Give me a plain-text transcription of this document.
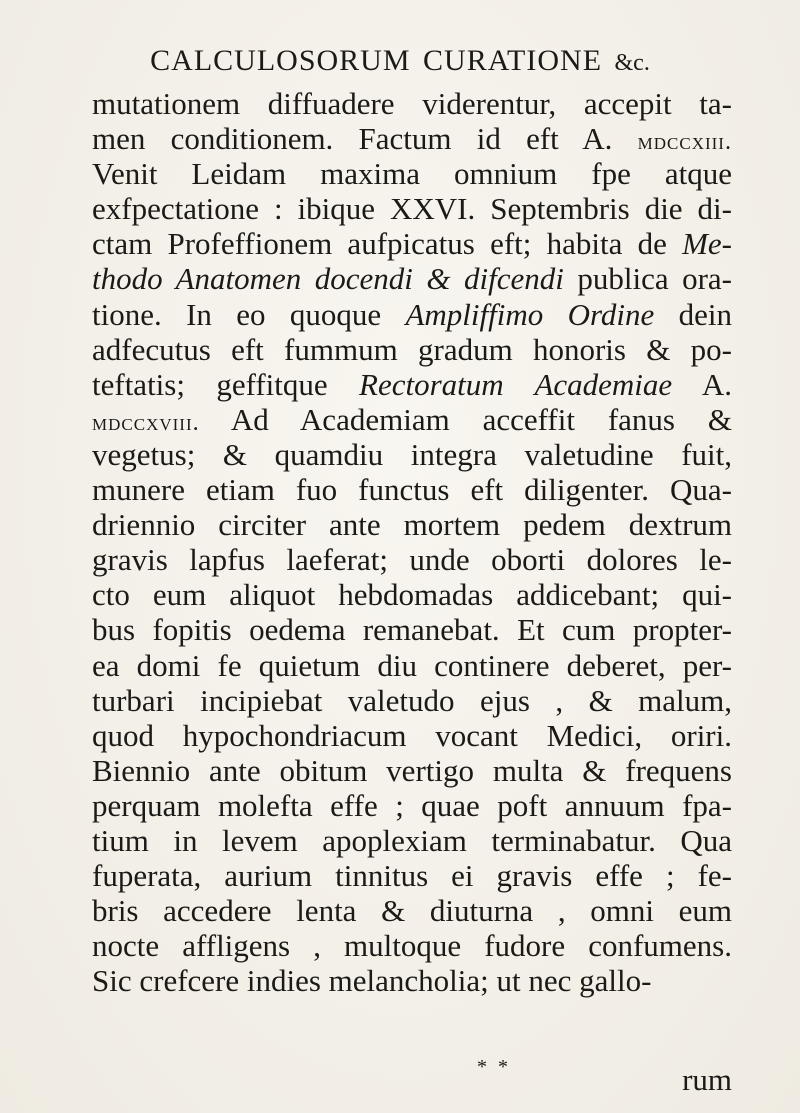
CALCULOSORUM CURATIONE &c.
mutationem diffuadere viderentur, accepit ta-
men conditionem. Factum id eft A. mdccxiii.
Venit Leidam maxima omnium fpe atque
exfpectatione : ibique XXVI. Septembris die di-
ctam Profeffionem aufpicatus eft; habita de Me-
thodo Anatomen docendi & difcendi publica ora-
tione. In eo quoque Ampliffimo Ordine dein
adfecutus eft fummum gradum honoris & po-
teftatis; geffitque Rectoratum Academiae A.
mdccxviii. Ad Academiam acceffit fanus &
vegetus; & quamdiu integra valetudine fuit,
munere etiam fuo functus eft diligenter. Qua-
driennio circiter ante mortem pedem dextrum
gravis lapfus laeferat; unde oborti dolores le-
cto eum aliquot hebdomadas addicebant; qui-
bus fopitis oedema remanebat. Et cum propter-
ea domi fe quietum diu continere deberet, per-
turbari incipiebat valetudo ejus , & malum,
quod hypochondriacum vocant Medici, oriri.
Biennio ante obitum vertigo multa & frequens
perquam molefta effe ; quae poft annuum fpa-
tium in levem apoplexiam terminabatur. Qua
fuperata, aurium tinnitus ei gravis effe ; fe-
bris accedere lenta & diuturna , omni eum
nocte affligens , multoque fudore confumens.
Sic crefcere indies melancholia; ut nec gallo-
* *	rum
